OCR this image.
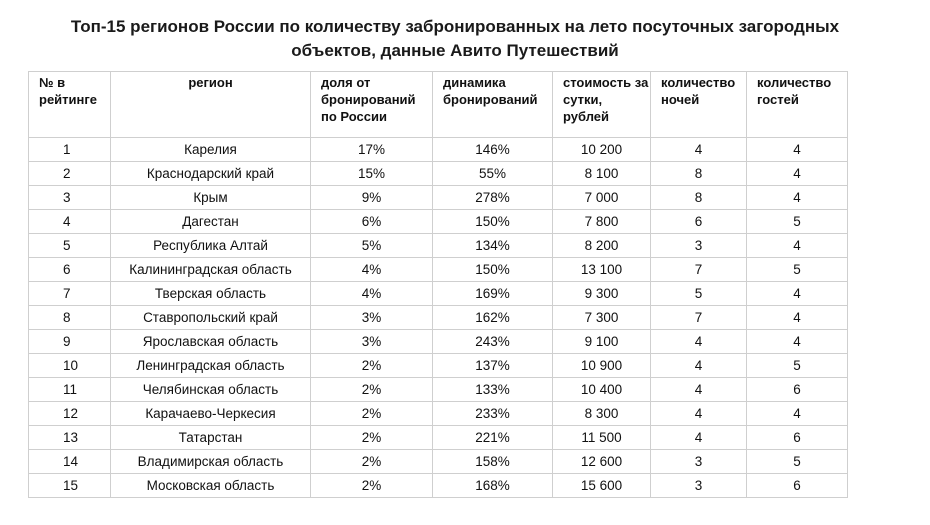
Топ-15 регионов России по количеству забронированных на лето посуточных загородных объектов, данные Авито Путешествий
№ в рейтинге	регион	доля от бронирований по России	динамика бронирований	стоимость за сутки, рублей	количество ночей	количество гостей
1	Карелия	17%	146%	10 200	4	4
2	Краснодарский край	15%	55%	8 100	8	4
3	Крым	9%	278%	7 000	8	4
4	Дагестан	6%	150%	7 800	6	5
5	Республика Алтай	5%	134%	8 200	3	4
6	Калининградская область	4%	150%	13 100	7	5
7	Тверская область	4%	169%	9 300	5	4
8	Ставропольский край	3%	162%	7 300	7	4
9	Ярославская область	3%	243%	9 100	4	4
10	Ленинградская область	2%	137%	10 900	4	5
11	Челябинская область	2%	133%	10 400	4	6
12	Карачаево-Черкесия	2%	233%	8 300	4	4
13	Татарстан	2%	221%	11 500	4	6
14	Владимирская область	2%	158%	12 600	3	5
15	Московская область	2%	168%	15 600	3	6
